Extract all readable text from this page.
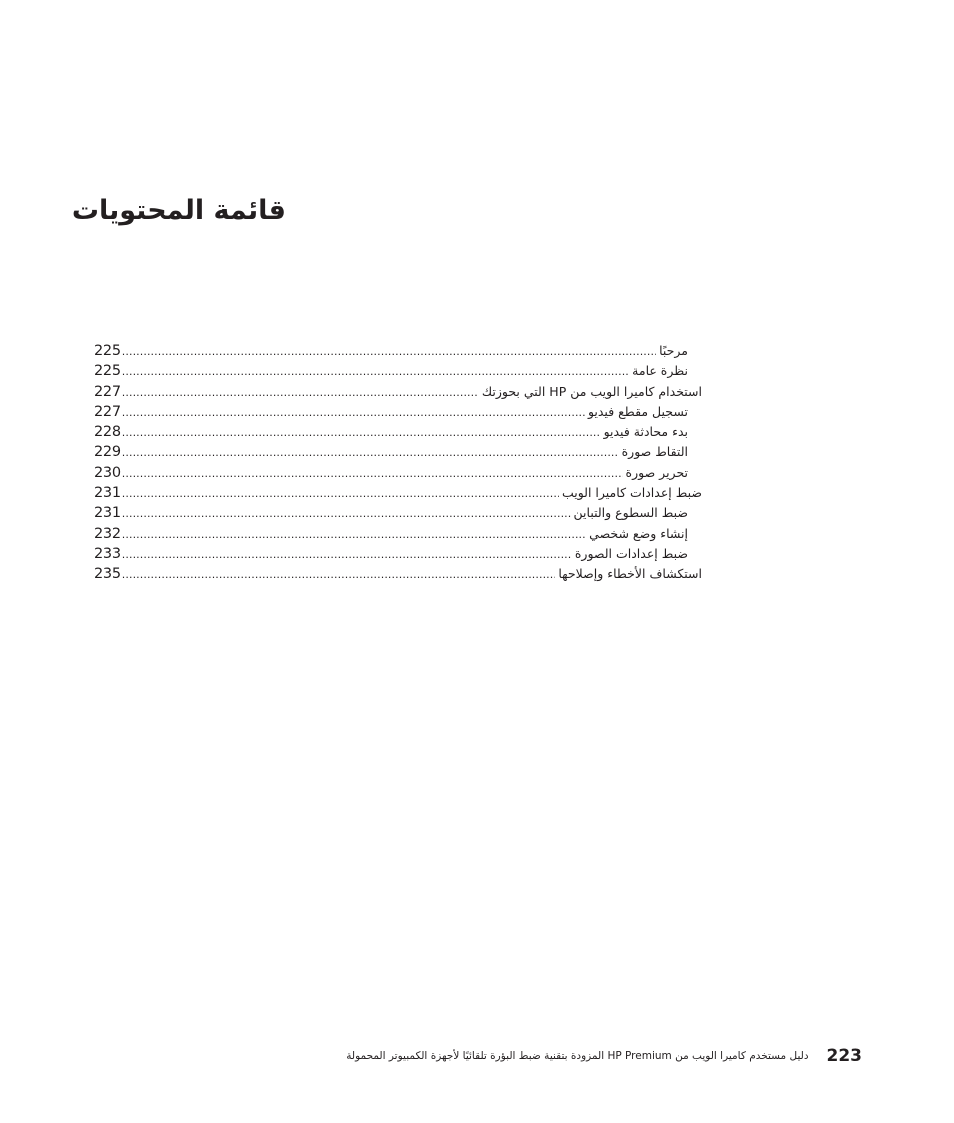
قائمة المحتويات
225 .....	مرحبًا
225 .....	نظرة عامة
227 .....	استخدام كاميرا الويب من HP التي بحوزتك
227 .....	تسجيل مقطع فيديو
228 .....	بدء محادثة فيديو
229 .....	التقاط صورة
230 .....	تحرير صورة
231 .....	ضبط إعدادات كاميرا الويب
231 .....	ضبط السطوع والتباين
232 .....	إنشاء وضع شخصي
233 .....	ضبط إعدادات الصورة
235 .....	استكشاف الأخطاء وإصلاحها
دليل مستخدم كاميرا الويب من HP Premium المزودة بتقنية ضبط البؤرة تلقائيًا لأجهزة الكمبيوتر المحمولة 223
